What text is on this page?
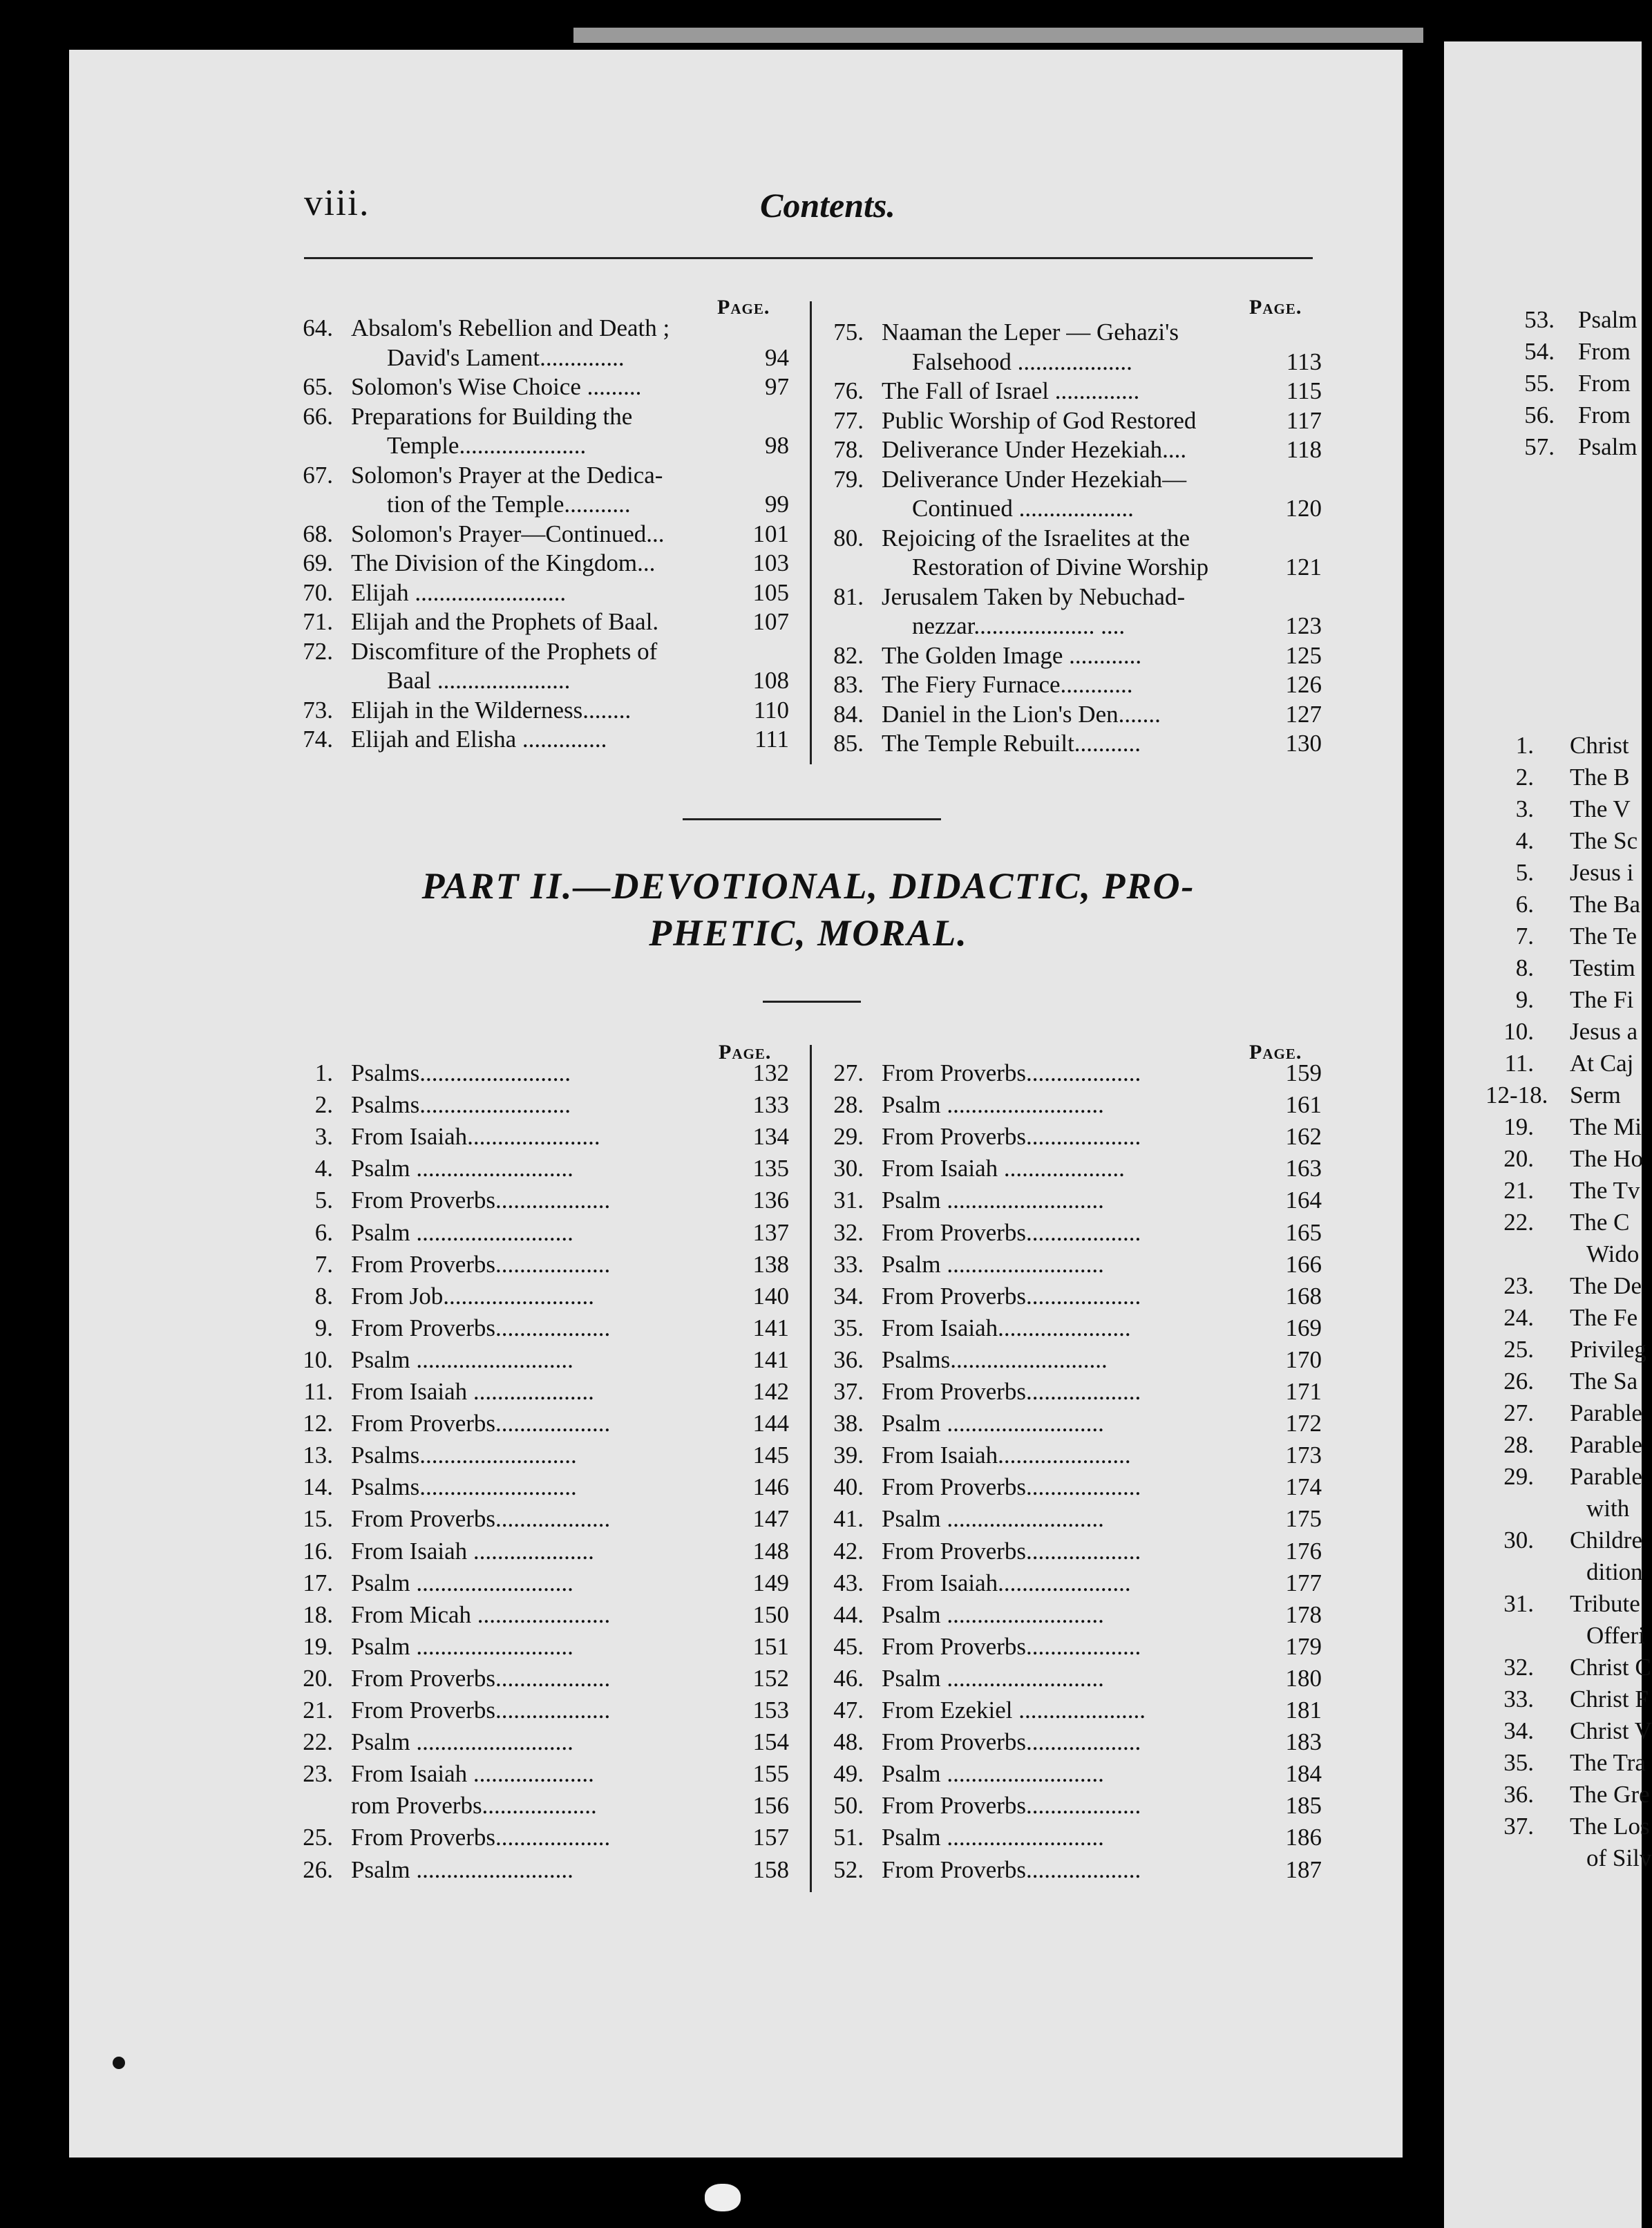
viii.	Contents.
Page.	Page.
64. Absalom's Rebellion and Death ;
David's Lament..............	94
65. Solomon's Wise Choice .........	97
66. Preparations for Building the
Temple.....................	98
67. Solomon's Prayer at the Dedica-
tion of the Temple...........	99
68. Solomon's Prayer—Continued...	101
69. The Division of the Kingdom...	103
70. Elijah .........................	105
71. Elijah and the Prophets of Baal.	107
72. Discomfiture of the Prophets of
Baal ......................	108
73. Elijah in the Wilderness........	110
74. Elijah and Elisha ..............	111
75. Naaman the Leper — Gehazi's
Falsehood ...................	113
76. The Fall of Israel ..............	115
77. Public Worship of God Restored	117
78. Deliverance Under Hezekiah....	118
79. Deliverance Under Hezekiah—
Continued ...................	120
80. Rejoicing of the Israelites at the
Restoration of Divine Worship	121
81. Jerusalem Taken by Nebuchad-
nezzar.................... ....	123
82. The Golden Image ............	125
83. The Fiery Furnace............	126
84. Daniel in the Lion's Den.......	127
85. The Temple Rebuilt...........	130
PART II.—DEVOTIONAL, DIDACTIC, PRO-
PHETIC, MORAL.
Page.	Page.
1. Psalms.........................	132
2. Psalms.........................	133
3. From Isaiah......................	134
4. Psalm ..........................	135
5. From Proverbs...................	136
6. Psalm ..........................	137
7. From Proverbs...................	138
8. From Job.........................	140
9. From Proverbs...................	141
10. Psalm ..........................	141
11. From Isaiah ....................	142
12. From Proverbs...................	144
13. Psalms..........................	145
14. Psalms..........................	146
15. From Proverbs...................	147
16. From Isaiah ....................	148
17. Psalm ..........................	149
18. From Micah ......................	150
19. Psalm ..........................	151
20. From Proverbs...................	152
21. From Proverbs...................	153
22. Psalm ..........................	154
23. From Isaiah ....................	155
rom Proverbs...................	156
25. From Proverbs...................	157
26. Psalm ..........................	158
27. From Proverbs...................	159
28. Psalm ..........................	161
29. From Proverbs...................	162
30. From Isaiah ....................	163
31. Psalm ..........................	164
32. From Proverbs...................	165
33. Psalm ..........................	166
34. From Proverbs...................	168
35. From Isaiah......................	169
36. Psalms..........................	170
37. From Proverbs...................	171
38. Psalm ..........................	172
39. From Isaiah......................	173
40. From Proverbs...................	174
41. Psalm ..........................	175
42. From Proverbs...................	176
43. From Isaiah......................	177
44. Psalm ..........................	178
45. From Proverbs...................	179
46. Psalm ..........................	180
47. From Ezekiel .....................	181
48. From Proverbs...................	183
49. Psalm ..........................	184
50. From Proverbs...................	185
51. Psalm ..........................	186
52. From Proverbs...................	187
53. Psalm
54. From
55. From
56. From
57. Psalm
1. Christ
2. The B
3. The V
4. The Sc
5. Jesus i
6. The Ba
7. The Te
8. Testim
9. The Fi
10. Jesus a
11. At Caj
12-18. Serm
19. The Mi
20. The Ho
21. The Tv
22. The C
Wido
23. The De
24. The Fe
25. Privileg
26. The Sa
27. Parable
28. Parable
29. Parable
with
30. Childre
dition
31. Tribute
Offeri
32. Christ C
33. Christ F
34. Christ V
35. The Tra
36. The Gre
37. The Los
of Silv
